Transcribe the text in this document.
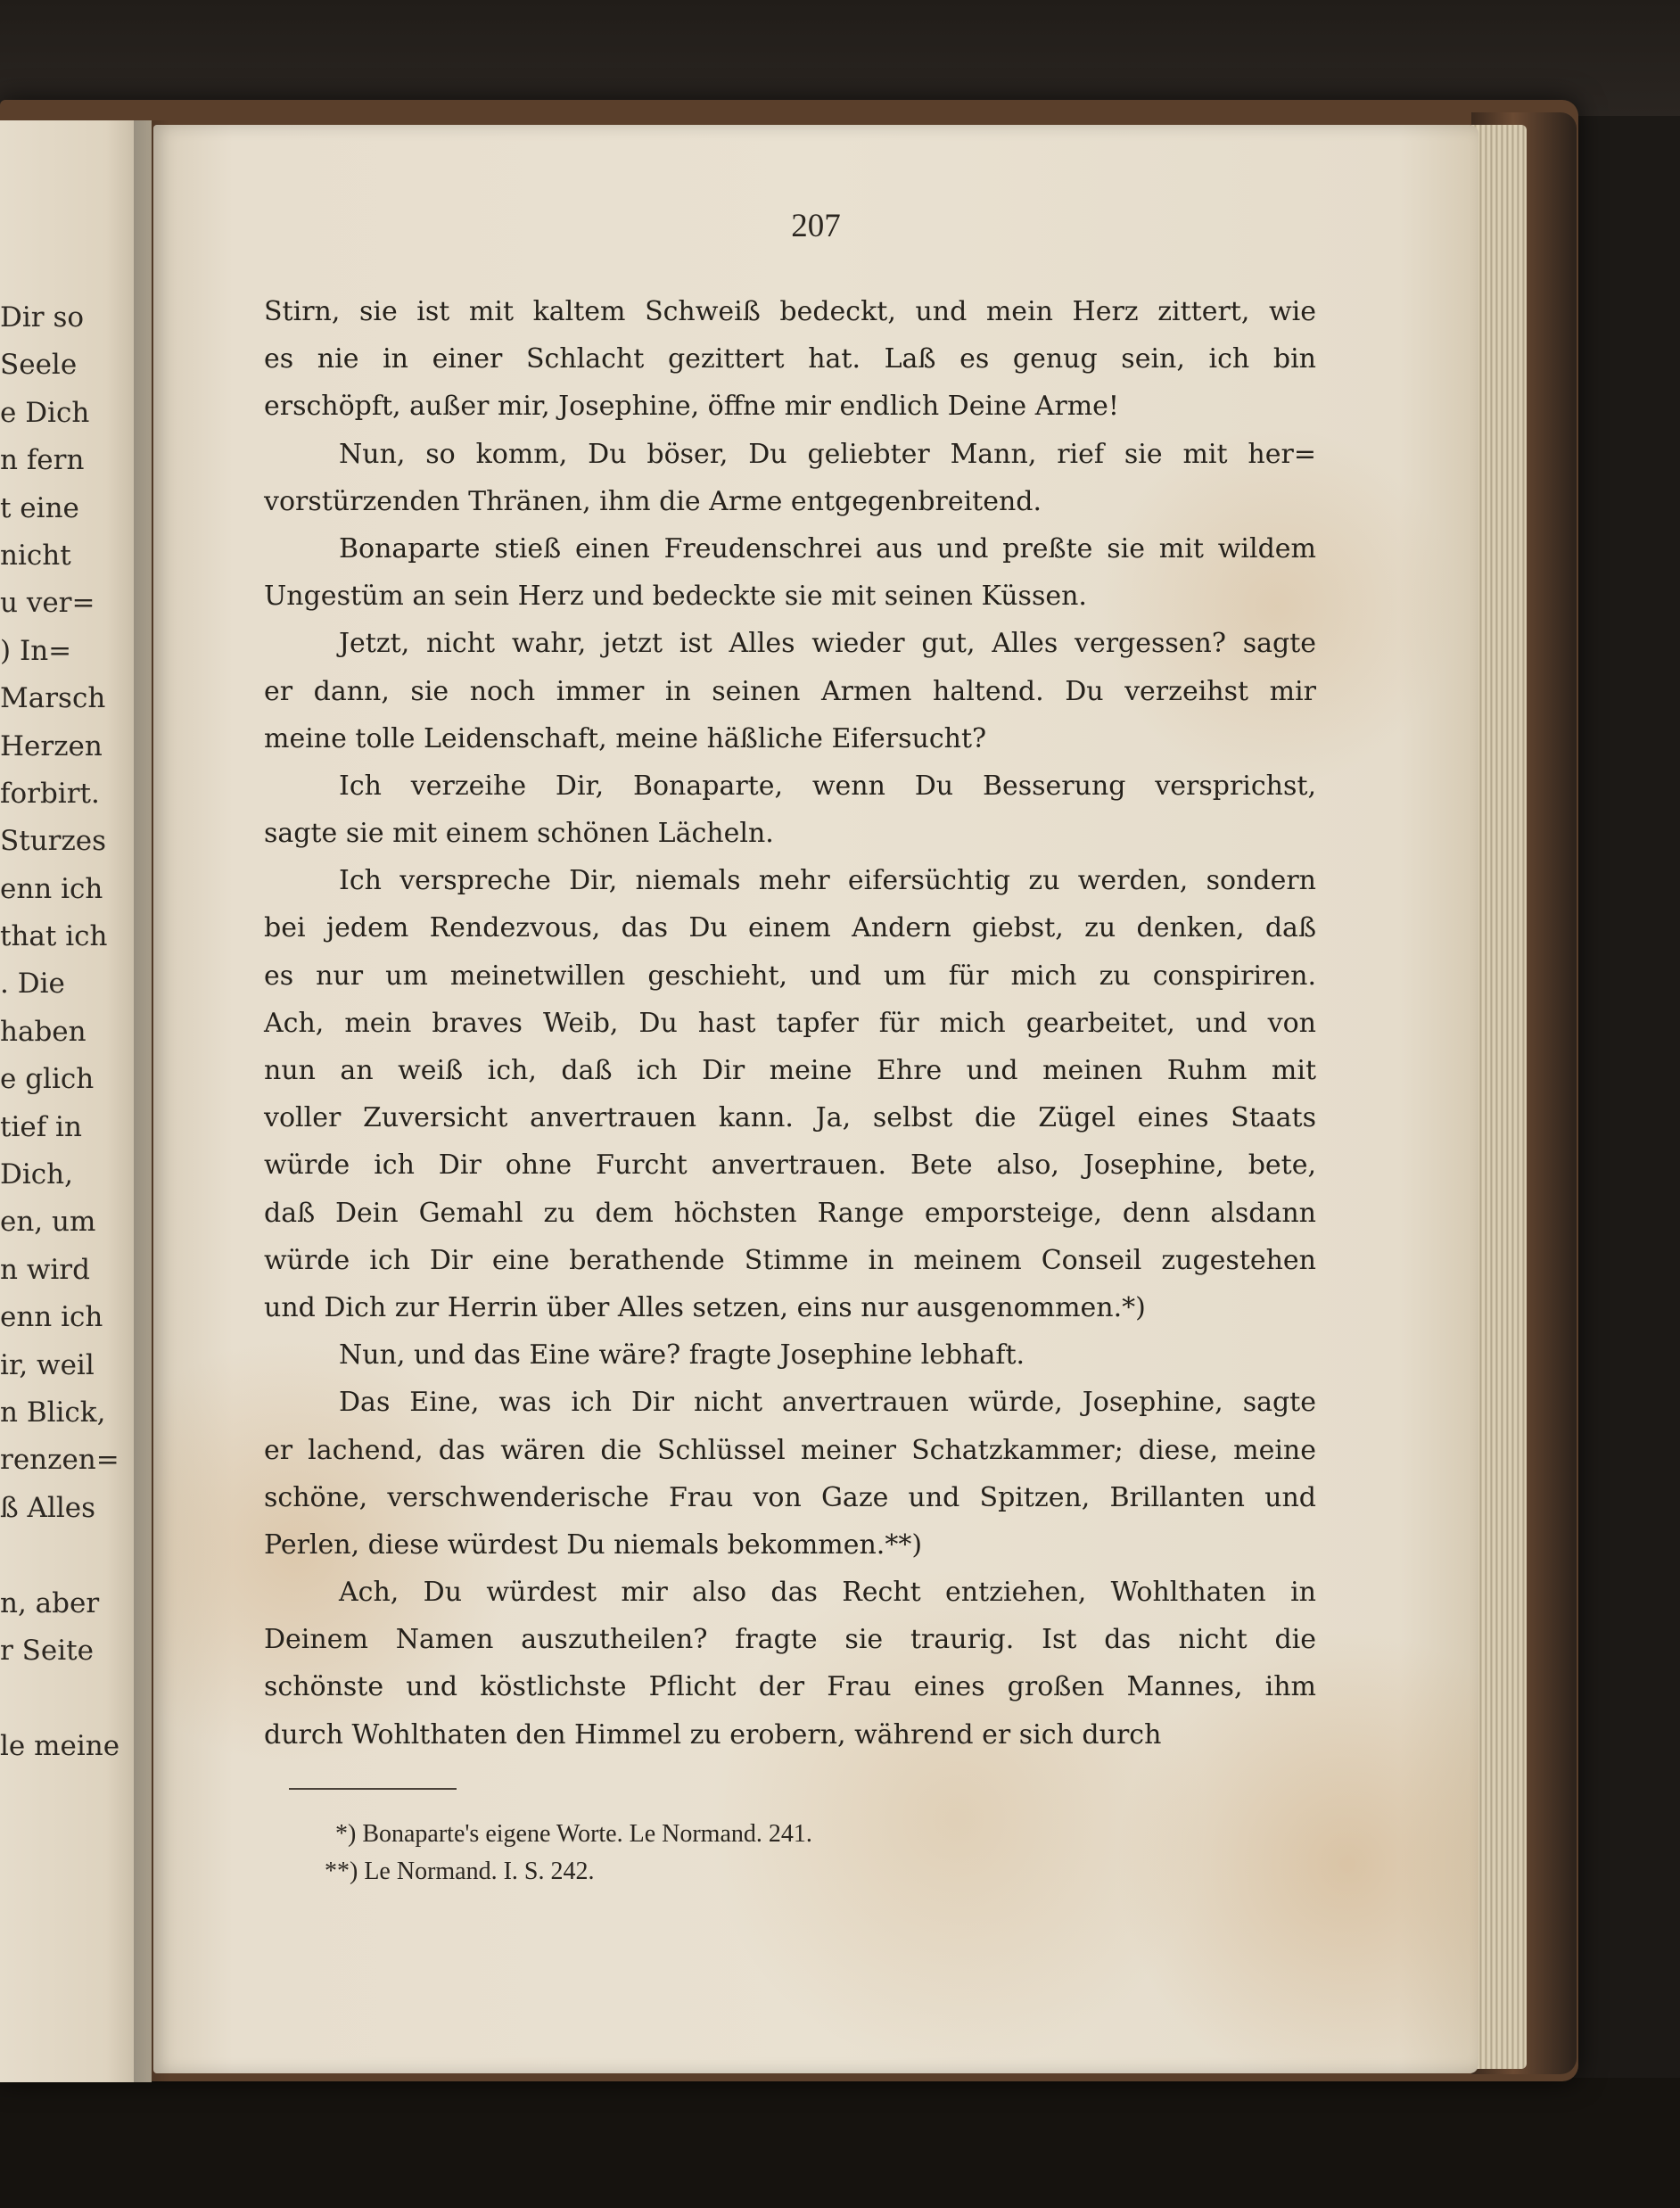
Dir so
Seele
e Dich
n fern
t eine
nicht
u ver=
) In=
Marsch
Herzen
forbirt.
Sturzes
enn ich
that ich
. Die
haben
e glich
tief in
Dich,
en, um
n wird
enn ich
ir, weil
n Blick,
renzen=
ß Alles
n, aber
r Seite
le meine
207
Stirn, sie ist mit kaltem Schweiß bedeckt, und mein Herz zittert, wie
es nie in einer Schlacht gezittert hat. Laß es genug sein, ich bin
erschöpft, außer mir, Josephine, öffne mir endlich Deine Arme!
Nun, so komm, Du böser, Du geliebter Mann, rief sie mit her=
vorstürzenden Thränen, ihm die Arme entgegenbreitend.
Bonaparte stieß einen Freudenschrei aus und preßte sie mit wildem
Ungestüm an sein Herz und bedeckte sie mit seinen Küssen.
Jetzt, nicht wahr, jetzt ist Alles wieder gut, Alles vergessen? sagte
er dann, sie noch immer in seinen Armen haltend. Du verzeihst mir
meine tolle Leidenschaft, meine häßliche Eifersucht?
Ich verzeihe Dir, Bonaparte, wenn Du Besserung versprichst,
sagte sie mit einem schönen Lächeln.
Ich verspreche Dir, niemals mehr eifersüchtig zu werden, sondern
bei jedem Rendezvous, das Du einem Andern giebst, zu denken, daß
es nur um meinetwillen geschieht, und um für mich zu conspiriren.
Ach, mein braves Weib, Du hast tapfer für mich gearbeitet, und von
nun an weiß ich, daß ich Dir meine Ehre und meinen Ruhm mit
voller Zuversicht anvertrauen kann. Ja, selbst die Zügel eines Staats
würde ich Dir ohne Furcht anvertrauen. Bete also, Josephine, bete,
daß Dein Gemahl zu dem höchsten Range emporsteige, denn alsdann
würde ich Dir eine berathende Stimme in meinem Conseil zugestehen
und Dich zur Herrin über Alles setzen, eins nur ausgenommen.*)
Nun, und das Eine wäre? fragte Josephine lebhaft.
Das Eine, was ich Dir nicht anvertrauen würde, Josephine, sagte
er lachend, das wären die Schlüssel meiner Schatzkammer; diese, meine
schöne, verschwenderische Frau von Gaze und Spitzen, Brillanten und
Perlen, diese würdest Du niemals bekommen.**)
Ach, Du würdest mir also das Recht entziehen, Wohlthaten in
Deinem Namen auszutheilen? fragte sie traurig. Ist das nicht die
schönste und köstlichste Pflicht der Frau eines großen Mannes, ihm
durch Wohlthaten den Himmel zu erobern, während er sich durch
*) Bonaparte's eigene Worte. Le Normand. 241.
**) Le Normand. I. S. 242.
